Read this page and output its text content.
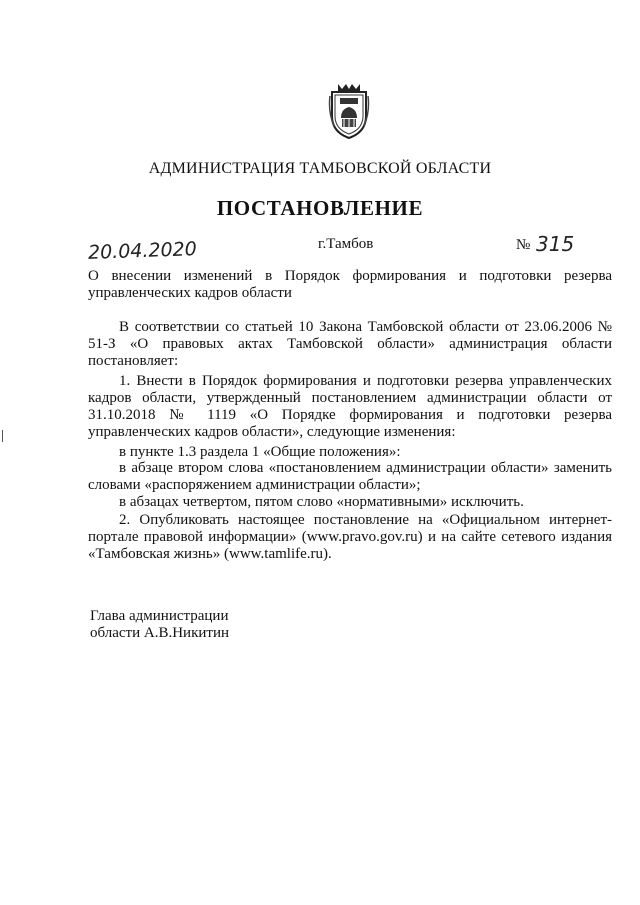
АДМИНИСТРАЦИЯ ТАМБОВСКОЙ ОБЛАСТИ
ПОСТАНОВЛЕНИЕ
20.04.2020	г.Тамбов	№ 315
О внесении изменений в Порядок формирования и подготовки резерва управленческих кадров области
В соответствии со статьей 10 Закона Тамбовской области от 23.06.2006 № 51-З «О правовых актах Тамбовской области» администрация области постановляет:
1. Внести в Порядок формирования и подготовки резерва управленческих кадров области, утвержденный постановлением администрации области от 31.10.2018 № 1119 «О Порядке формирования и подготовки резерва управленческих кадров области», следующие изменения:
в пункте 1.3 раздела 1 «Общие положения»:
в абзаце втором слова «постановлением администрации области» заменить словами «распоряжением администрации области»;
в абзацах четвертом, пятом слово «нормативными» исключить.
2. Опубликовать настоящее постановление на «Официальном интернет-портале правовой информации» (www.pravo.gov.ru) и на сайте сетевого издания «Тамбовская жизнь» (www.tamlife.ru).
Глава администрации
области А.В.Никитин
